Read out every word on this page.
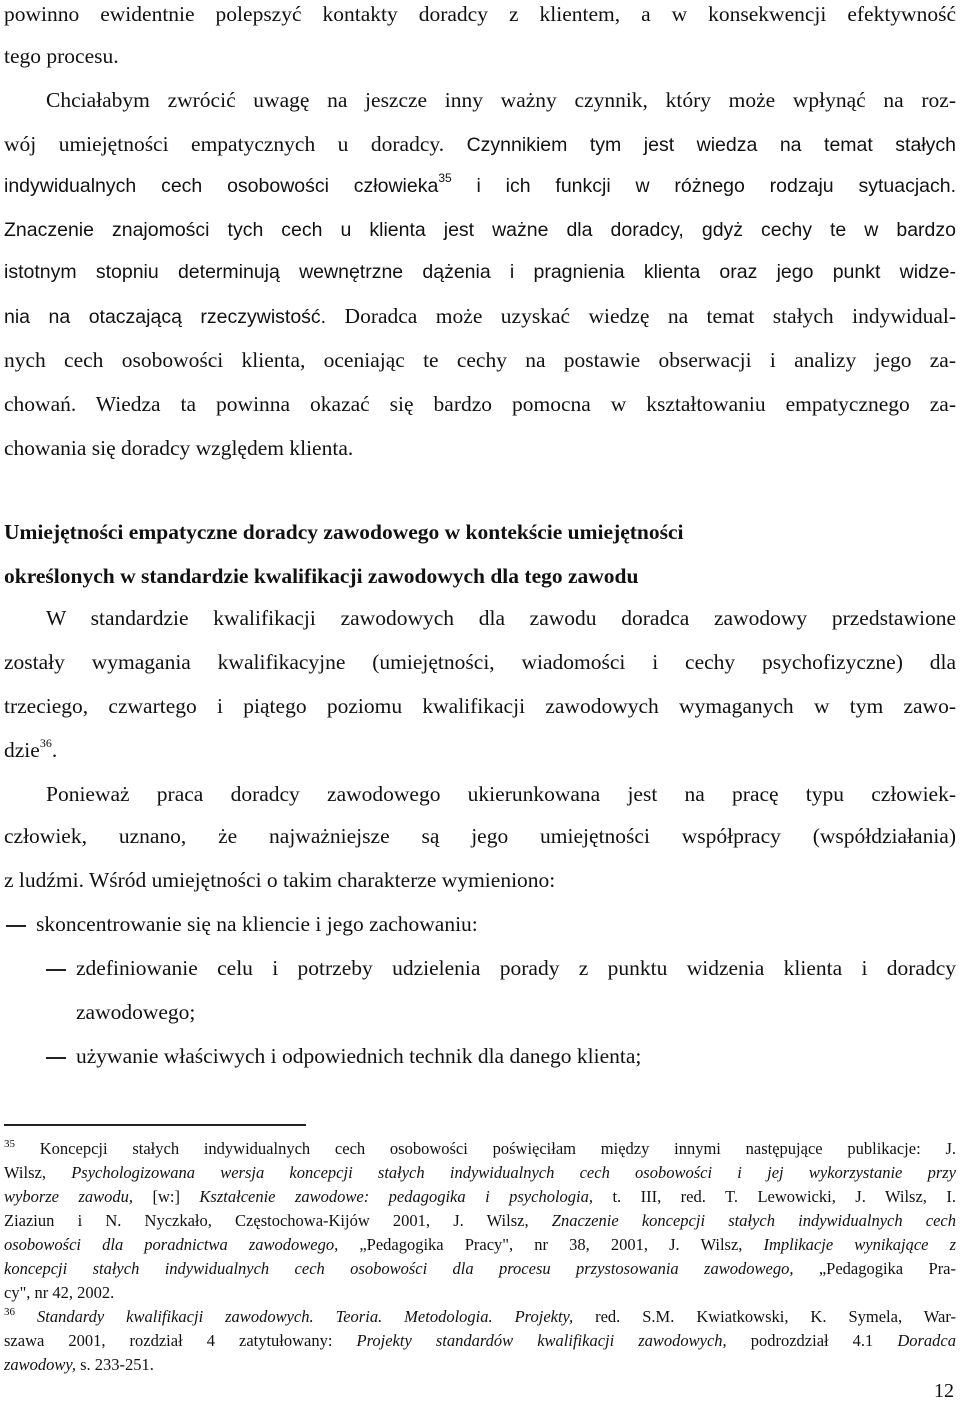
powinno ewidentnie polepszyć kontakty doradcy z klientem, a w konsekwencji efektywność
tego procesu.
Chciałabym zwrócić uwagę na jeszcze inny ważny czynnik, który może wpłynąć na roz-
wój umiejętności empatycznych u doradcy. Czynnikiem tym jest wiedza na temat stałych
indywidualnych cech osobowości człowieka$^{35}$ i ich funkcji w różnego rodzaju sytuacjach.
Znaczenie znajomości tych cech u klienta jest ważne dla doradcy, gdyż cechy te w bardzo
istotnym stopniu determinują wewnętrzne dążenia i pragnienia klienta oraz jego punkt widze-
nia na otaczającą rzeczywistość. Doradca może uzyskać wiedzę na temat stałych indywidual-
nych cech osobowości klienta, oceniając te cechy na postawie obserwacji i analizy jego za-
chowań. Wiedza ta powinna okazać się bardzo pomocna w kształtowaniu empatycznego za-
chowania się doradcy względem klienta.
Umiejętności empatyczne doradcy zawodowego w kontekście umiejętności
określonych w standardzie kwalifikacji zawodowych dla tego zawodu
W standardzie kwalifikacji zawodowych dla zawodu doradca zawodowy przedstawione
zostały wymagania kwalifikacyjne (umiejętności, wiadomości i cechy psychofizyczne) dla
trzeciego, czwartego i piątego poziomu kwalifikacji zawodowych wymaganych w tym zawo-
dzie$^{36}$.
Ponieważ praca doradcy zawodowego ukierunkowana jest na pracę typu człowiek-
człowiek, uznano, że najważniejsze są jego umiejętności współpracy (współdziałania)
z ludźmi. Wśród umiejętności o takim charakterze wymieniono:
skoncentrowanie się na kliencie i jego zachowaniu:
zdefiniowanie celu i potrzeby udzielenia porady z punktu widzenia klienta i doradcy
zawodowego;
używanie właściwych i odpowiednich technik dla danego klienta;
$^{35}$ Koncepcji stałych indywidualnych cech osobowości poświęciłam między innymi następujące publikacje: J.
Wilsz, Psychologizowana wersja koncepcji stałych indywidualnych cech osobowości i jej wykorzystanie przy
wyborze zawodu, [w:] Kształcenie zawodowe: pedagogika i psychologia, t. III, red. T. Lewowicki, J. Wilsz, I.
Ziaziun i N. Nyczkało, Częstochowa-Kijów 2001, J. Wilsz, Znaczenie koncepcji stałych indywidualnych cech
osobowości dla poradnictwa zawodowego, „Pedagogika Pracy", nr 38, 2001, J. Wilsz, Implikacje wynikające z
koncepcji stałych indywidualnych cech osobowości dla procesu przystosowania zawodowego, „Pedagogika Pra-
cy", nr 42, 2002.
$^{36}$ Standardy kwalifikacji zawodowych. Teoria. Metodologia. Projekty, red. S.M. Kwiatkowski, K. Symela, War-
szawa 2001, rozdział 4 zatytułowany: Projekty standardów kwalifikacji zawodowych, podrozdział 4.1 Doradca
zawodowy, s. 233-251.
12
